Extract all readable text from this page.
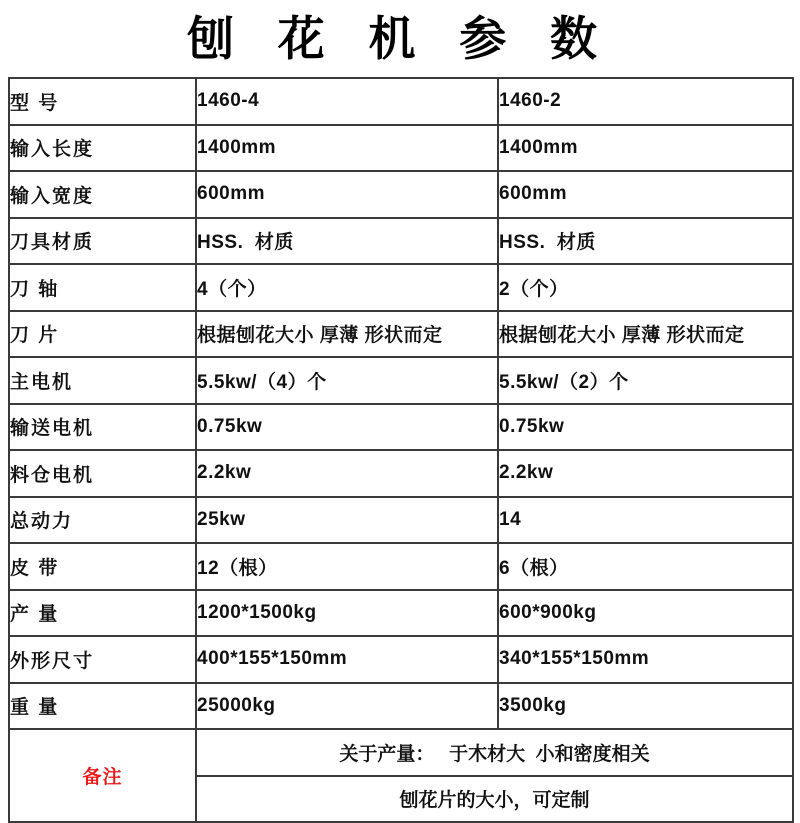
刨 花 机 参 数
型 号	1460-4	1460-2
输入长度	1400mm	1400mm
输入宽度	600mm	600mm
刀具材质	HSS.  材质	HSS.  材质
刀 轴	4（个）	2（个）
刀 片	根据刨花大小 厚薄 形状而定	根据刨花大小 厚薄 形状而定
主电机	5.5kw/（4）个	5.5kw/（2）个
输送电机	0.75kw	0.75kw
料仓电机	2.2kw	2.2kw
总动力	25kw	14
皮 带	12（根）	6（根）
产 量	1200*1500kg	600*900kg
外形尺寸	400*155*150mm	340*155*150mm
重 量	25000kg	3500kg
备注	关于产量：　 于木材大  小和密度相关	
	刨花片的大小，可定制	
